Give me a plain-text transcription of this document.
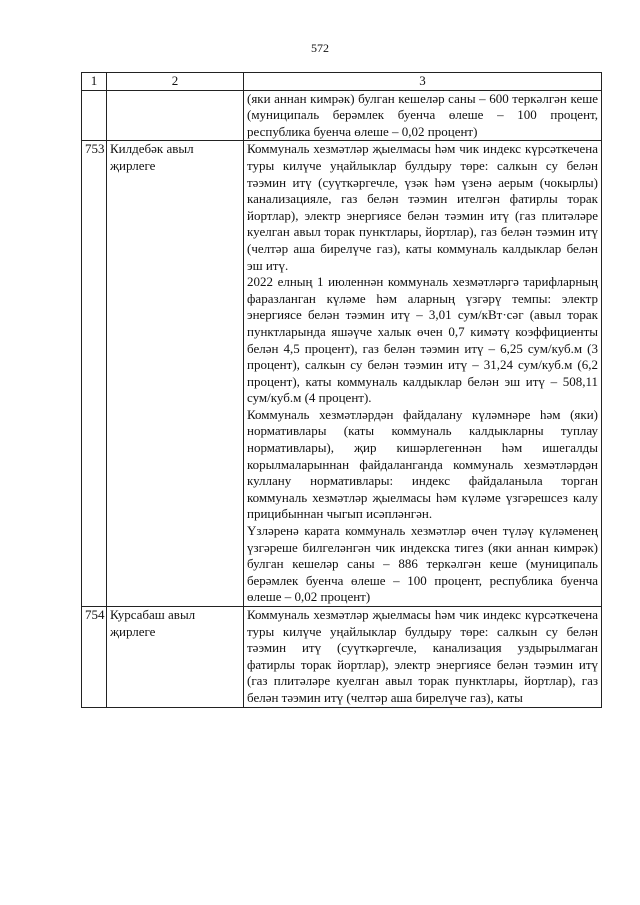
572
1	2	3

		(яки аннан кимрәк) булган кешеләр саны – 600 теркәлгән кеше (муниципаль берәмлек буенча өлеше – 100 процент, республика буенча өлеше – 0,02 процент)

753	Килдебәк авыл җирлеге	Коммуналь хезмәтләр җыелмасы һәм чик индекс күрсәткечена туры килүче уңайлыклар булдыру төре: салкын су белән тәэмин итү (суүткәргечле, үзәк һәм үзенә аерым (чокырлы) канализацияле, газ белән тәэмин ителгән фатирлы торак йортлар), электр энергиясе белән тәэмин итү (газ плитәләре куелган авыл торак пунктлары, йортлар), газ белән тәэмин итү (челтәр аша бирелүче газ), каты коммуналь калдыклар белән эш итү.

2022 елның 1 июленнән коммуналь хезмәтләргә тарифларның фаразланган күләме һәм аларның үзгәрү темпы: электр энергиясе белән тәэмин итү – 3,01 сум/кВт·сәг (авыл торак пунктларында яшәүче халык өчен 0,7 кимәтү коэффициенты белән 4,5 процент), газ белән тәэмин итү – 6,25 сум/куб.м (3 процент), салкын су белән тәэмин итү – 31,24 сум/куб.м (6,2 процент), каты коммуналь калдыклар белән эш итү – 508,11 сум/куб.м (4 процент).

Коммуналь хезмәтләрдән файдалану күләмнәре һәм (яки) нормативлары (каты коммуналь калдыкларны туплау нормативлары), җир кишәрлегеннән һәм ишегалды корылмаларыннан файдаланганда коммуналь хезмәтләрдән куллану нормативлары: индекс файдаланыла торган коммуналь хезмәтләр җыелмасы һәм күләме үзгәрешсез калу прицибыннан чыгып исәпләнгән.

Үзләренә карата коммуналь хезмәтләр өчен түләү күләменең үзгәреше билгеләнгән чик индекска тигез (яки аннан кимрәк) булган кешеләр саны – 886 теркәлгән кеше (муниципаль берәмлек буенча өлеше – 100 процент, республика буенча өлеше – 0,02 процент)

754	Курсабаш авыл җирлеге	Коммуналь хезмәтләр җыелмасы һәм чик индекс күрсәткечена туры килүче уңайлыклар булдыру төре: салкын су белән тәэмин итү (суүткәргечле, канализация уздырылмаган фатирлы торак йортлар), электр энергиясе белән тәэмин итү (газ плитәләре куелган авыл торак пунктлары, йортлар), газ белән тәэмин итү (челтәр аша бирелүче газ), каты
